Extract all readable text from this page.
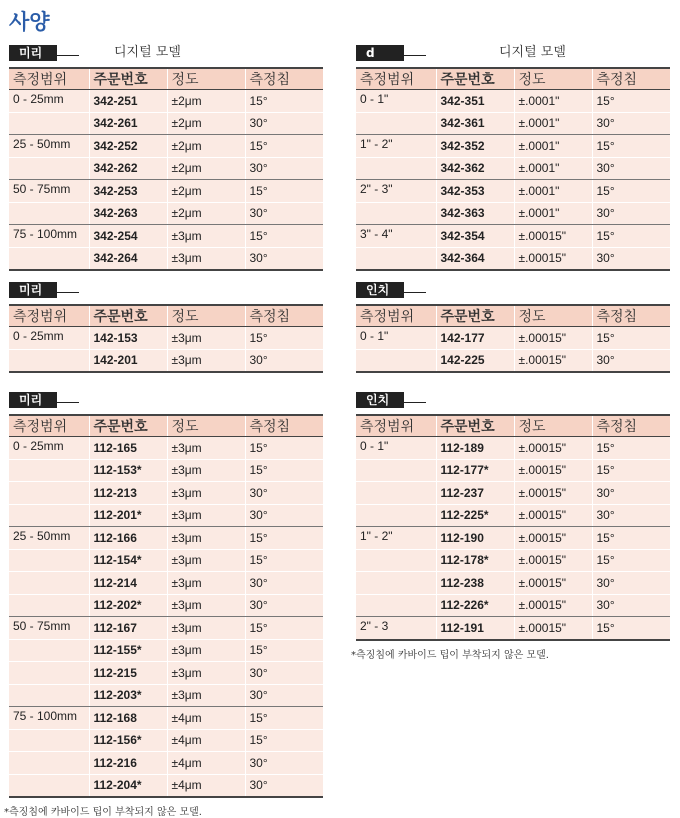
사양
미리	디지털 모델
측정범위	주문번호	정도	측정침
0 - 25mm	342-251	±2μm	15°
	342-261	±2μm	30°
25 - 50mm	342-252	±2μm	15°
	342-262	±2μm	30°
50 - 75mm	342-253	±2μm	15°
	342-263	±2μm	30°
75 - 100mm	342-254	±3μm	15°
	342-264	±3μm	30°
d	디지털 모델
측정범위	주문번호	정도	측정침
0 - 1"	342-351	±.0001"	15°
	342-361	±.0001"	30°
1" - 2"	342-352	±.0001"	15°
	342-362	±.0001"	30°
2" - 3"	342-353	±.0001"	15°
	342-363	±.0001"	30°
3" - 4"	342-354	±.00015"	15°
	342-364	±.00015"	30°
미리
측정범위	주문번호	정도	측정침
0 - 25mm	142-153	±3μm	15°
	142-201	±3μm	30°
인치
측정범위	주문번호	정도	측정침
0 - 1"	142-177	±.00015"	15°
	142-225	±.00015"	30°
미리
측정범위	주문번호	정도	측정침
0 - 25mm	112-165	±3μm	15°
	112-153*	±3μm	15°
	112-213	±3μm	30°
	112-201*	±3μm	30°
25 - 50mm	112-166	±3μm	15°
	112-154*	±3μm	15°
	112-214	±3μm	30°
	112-202*	±3μm	30°
50 - 75mm	112-167	±3μm	15°
	112-155*	±3μm	15°
	112-215	±3μm	30°
	112-203*	±3μm	30°
75 - 100mm	112-168	±4μm	15°
	112-156*	±4μm	15°
	112-216	±4μm	30°
	112-204*	±4μm	30°
*측징침에 카바이드 팁이 부착되지 않은 모델.
인치
측정범위	주문번호	정도	측정침
0 - 1"	112-189	±.00015"	15°
	112-177*	±.00015"	15°
	112-237	±.00015"	30°
	112-225*	±.00015"	30°
1" - 2"	112-190	±.00015"	15°
	112-178*	±.00015"	15°
	112-238	±.00015"	30°
	112-226*	±.00015"	30°
2" - 3	112-191	±.00015"	15°
*측징침에 카바이드 팁이 부착되지 않은 모델.
